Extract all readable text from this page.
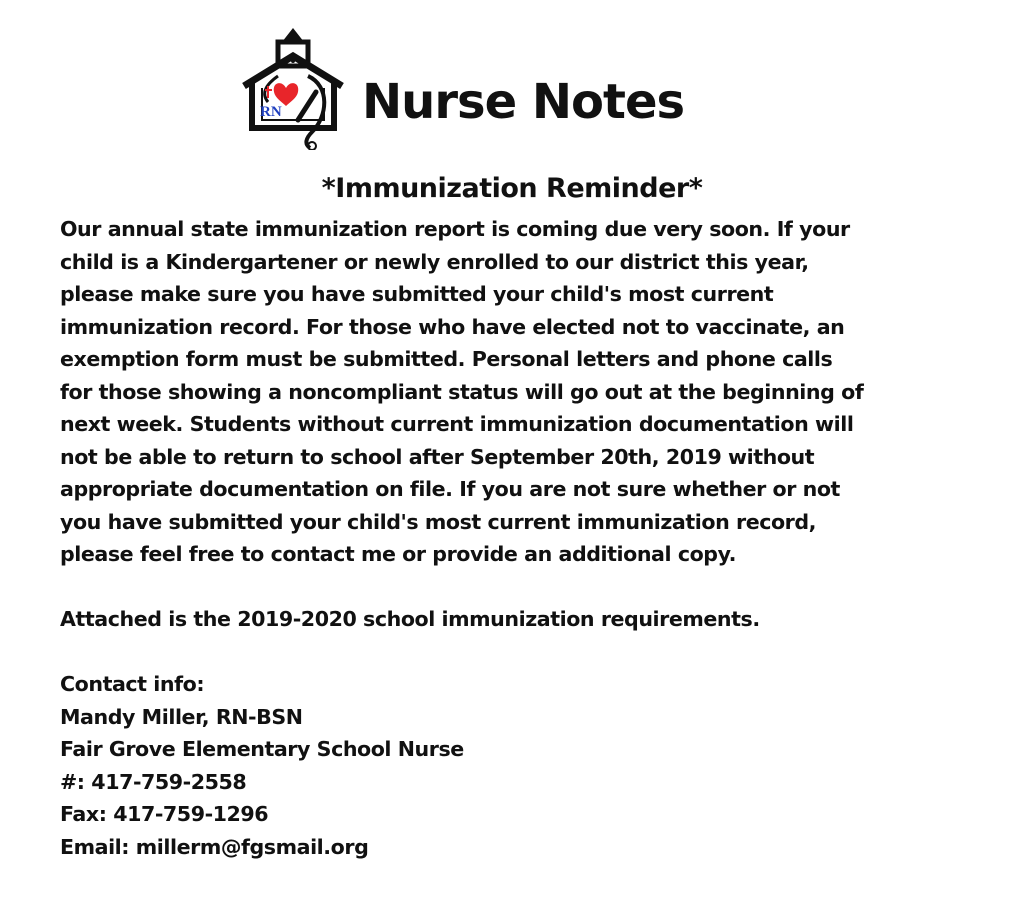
RN Nurse Notes
*Immunization Reminder*
Our annual state immunization report is coming due very soon. If your
child is a Kindergartener or newly enrolled to our district this year,
please make sure you have submitted your child's most current
immunization record. For those who have elected not to vaccinate, an
exemption form must be submitted. Personal letters and phone calls
for those showing a noncompliant status will go out at the beginning of
next week. Students without current immunization documentation will
not be able to return to school after September 20th, 2019 without
appropriate documentation on file. If you are not sure whether or not
you have submitted your child's most current immunization record,
please feel free to contact me or provide an additional copy.
Attached is the 2019-2020 school immunization requirements.
Contact info:
Mandy Miller, RN-BSN
Fair Grove Elementary School Nurse
#: 417-759-2558
Fax: 417-759-1296
Email: millerm@fgsmail.org
